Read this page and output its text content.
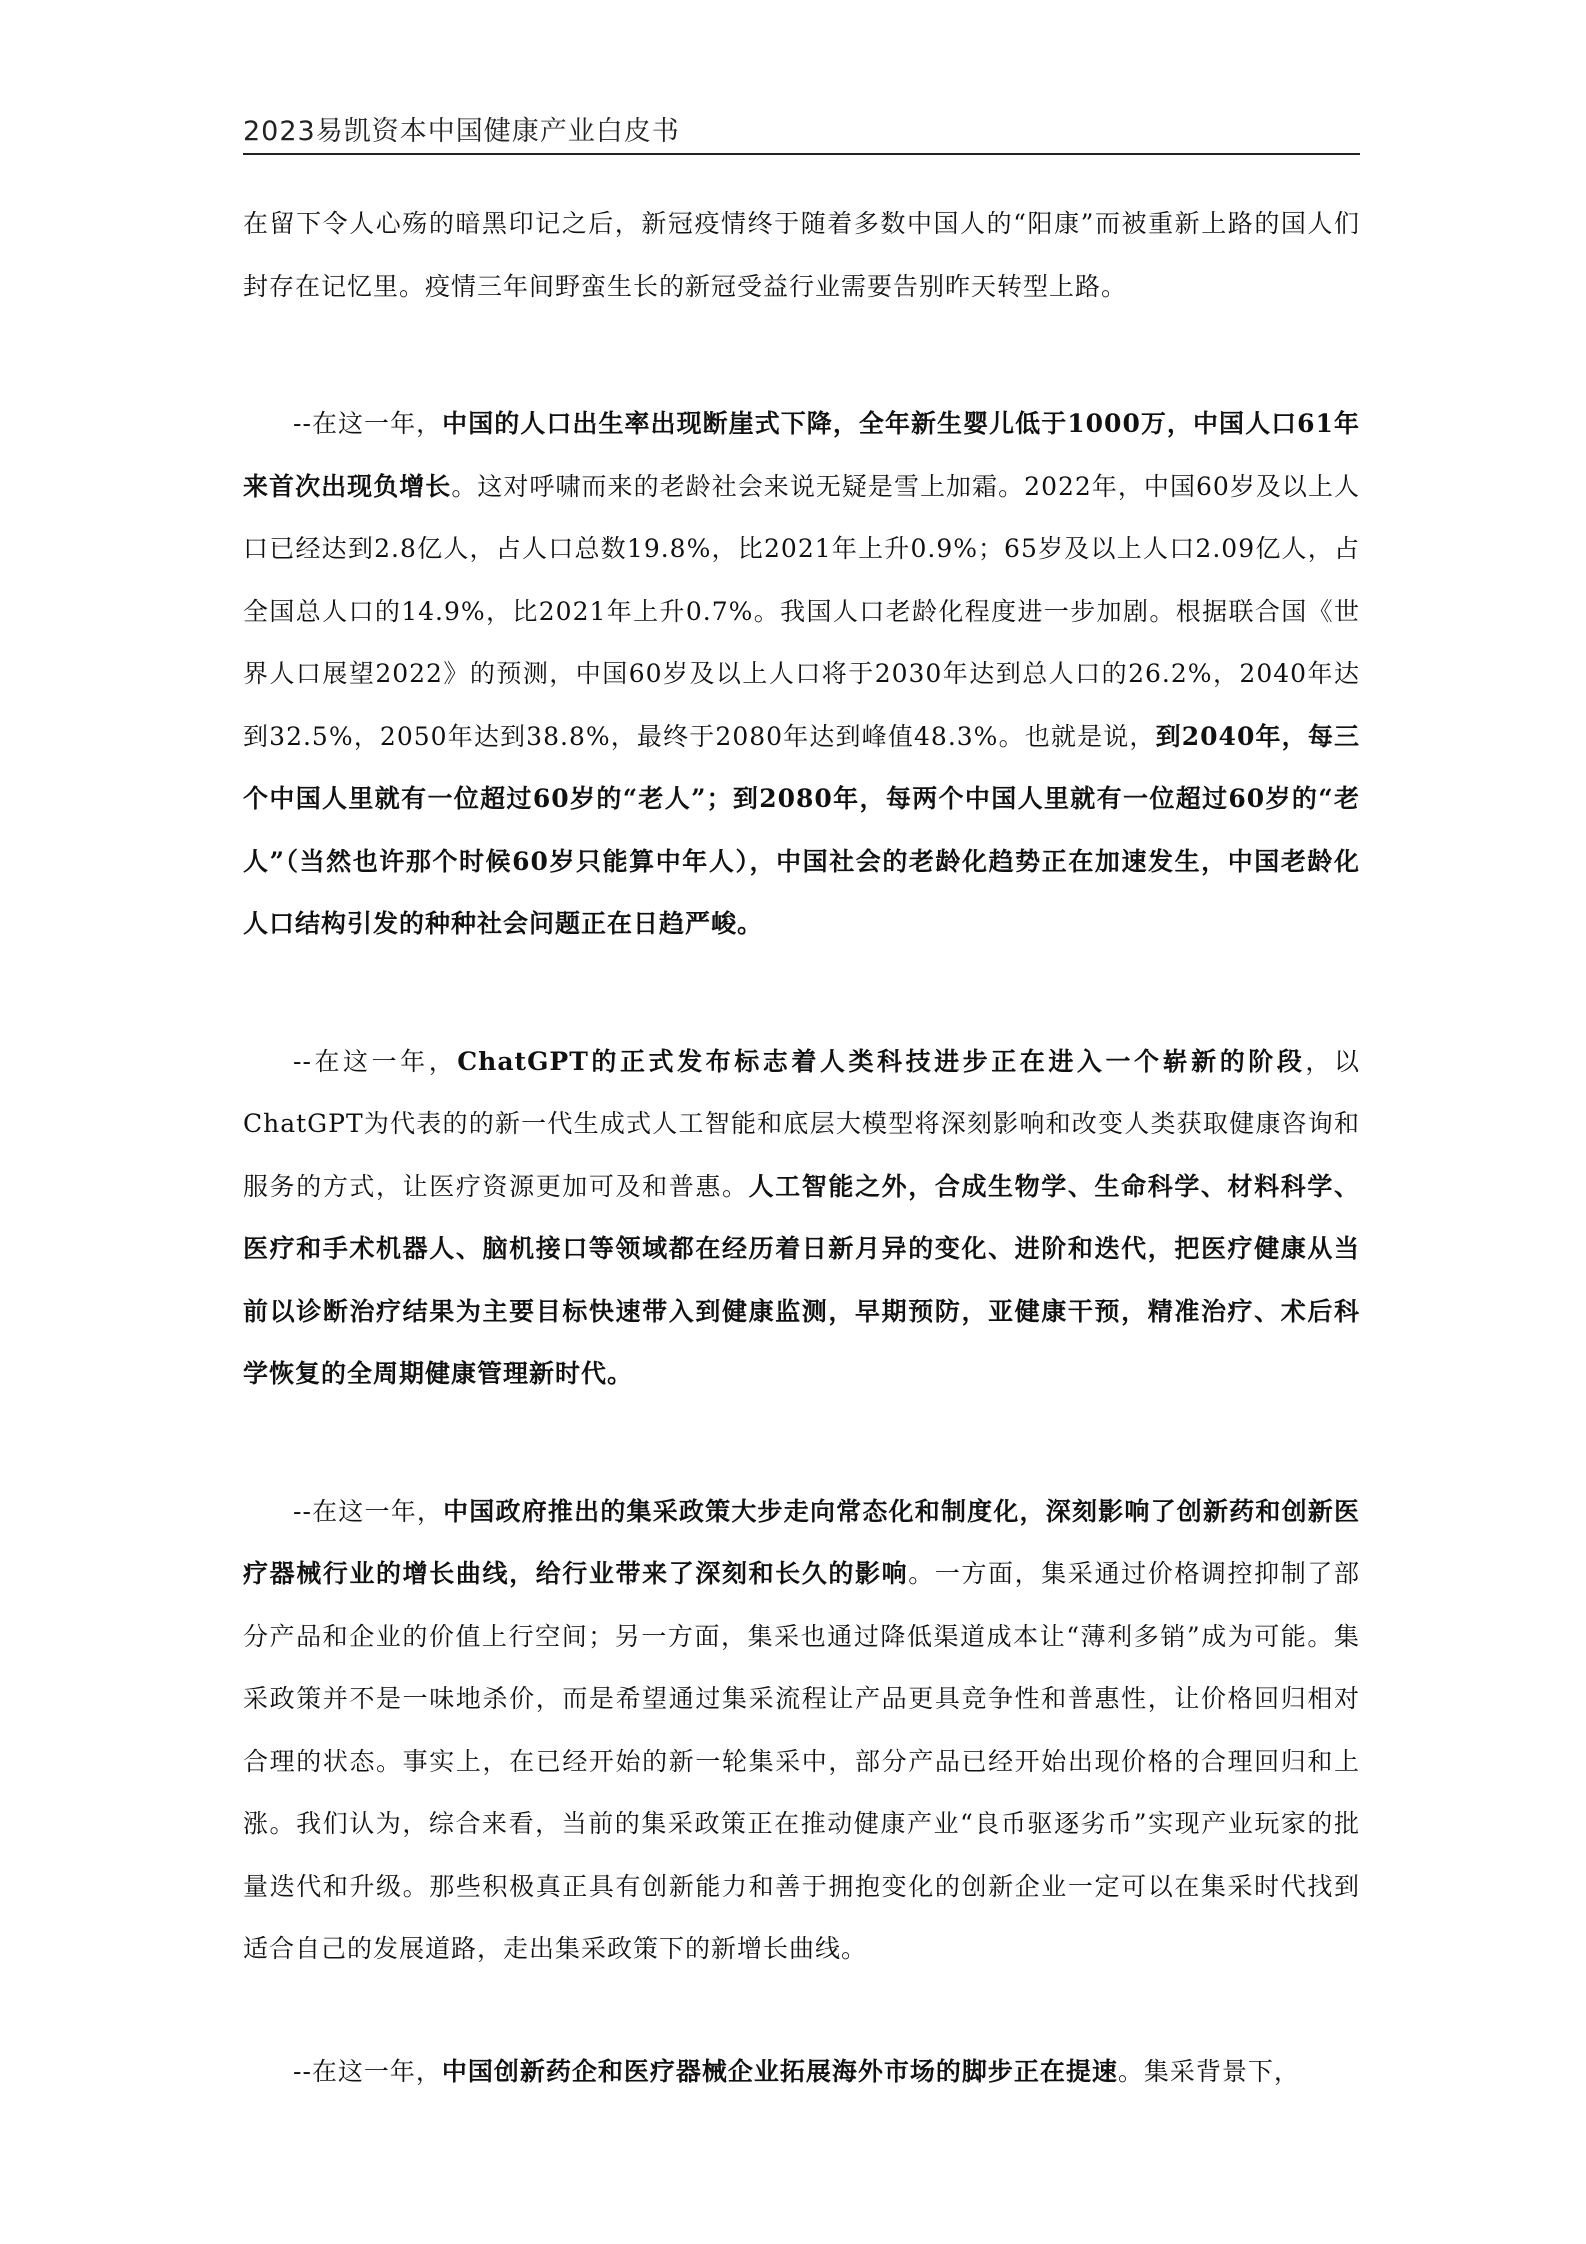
2023易凯资本中国健康产业白皮书

在留下令人心殇的暗黑印记之后，新冠疫情终于随着多数中国人的“阳康”而被重新上路的国人们封存在记忆里。疫情三年间野蛮生长的新冠受益行业需要告别昨天转型上路。

--在这一年，中国的人口出生率出现断崖式下降，全年新生婴儿低于1000万，中国人口61年来首次出现负增长。这对呼啸而来的老龄社会来说无疑是雪上加霜。2022年，中国60岁及以上人口已经达到2.8亿人，占人口总数19.8%，比2021年上升0.9%；65岁及以上人口2.09亿人，占全国总人口的14.9%，比2021年上升0.7%。我国人口老龄化程度进一步加剧。根据联合国《世界人口展望2022》的预测，中国60岁及以上人口将于2030年达到总人口的26.2%，2040年达到32.5%，2050年达到38.8%，最终于2080年达到峰值48.3%。也就是说，到2040年，每三个中国人里就有一位超过60岁的“老人”；到2080年，每两个中国人里就有一位超过60岁的“老人”（当然也许那个时候60岁只能算中年人），中国社会的老龄化趋势正在加速发生，中国老龄化人口结构引发的种种社会问题正在日趋严峻。

--在这一年，ChatGPT的正式发布标志着人类科技进步正在进入一个崭新的阶段，以ChatGPT为代表的的新一代生成式人工智能和底层大模型将深刻影响和改变人类获取健康咨询和服务的方式，让医疗资源更加可及和普惠。人工智能之外，合成生物学、生命科学、材料科学、医疗和手术机器人、脑机接口等领域都在经历着日新月异的变化、进阶和迭代，把医疗健康从当前以诊断治疗结果为主要目标快速带入到健康监测，早期预防，亚健康干预，精准治疗、术后科学恢复的全周期健康管理新时代。

--在这一年，中国政府推出的集采政策大步走向常态化和制度化，深刻影响了创新药和创新医疗器械行业的增长曲线，给行业带来了深刻和长久的影响。一方面，集采通过价格调控抑制了部分产品和企业的价值上行空间；另一方面，集采也通过降低渠道成本让“薄利多销”成为可能。集采政策并不是一味地杀价，而是希望通过集采流程让产品更具竞争性和普惠性，让价格回归相对合理的状态。事实上，在已经开始的新一轮集采中，部分产品已经开始出现价格的合理回归和上涨。我们认为，综合来看，当前的集采政策正在推动健康产业“良币驱逐劣币”实现产业玩家的批量迭代和升级。那些积极真正具有创新能力和善于拥抱变化的创新企业一定可以在集采时代找到适合自己的发展道路，走出集采政策下的新增长曲线。

--在这一年，中国创新药企和医疗器械企业拓展海外市场的脚步正在提速。集采背景下，
